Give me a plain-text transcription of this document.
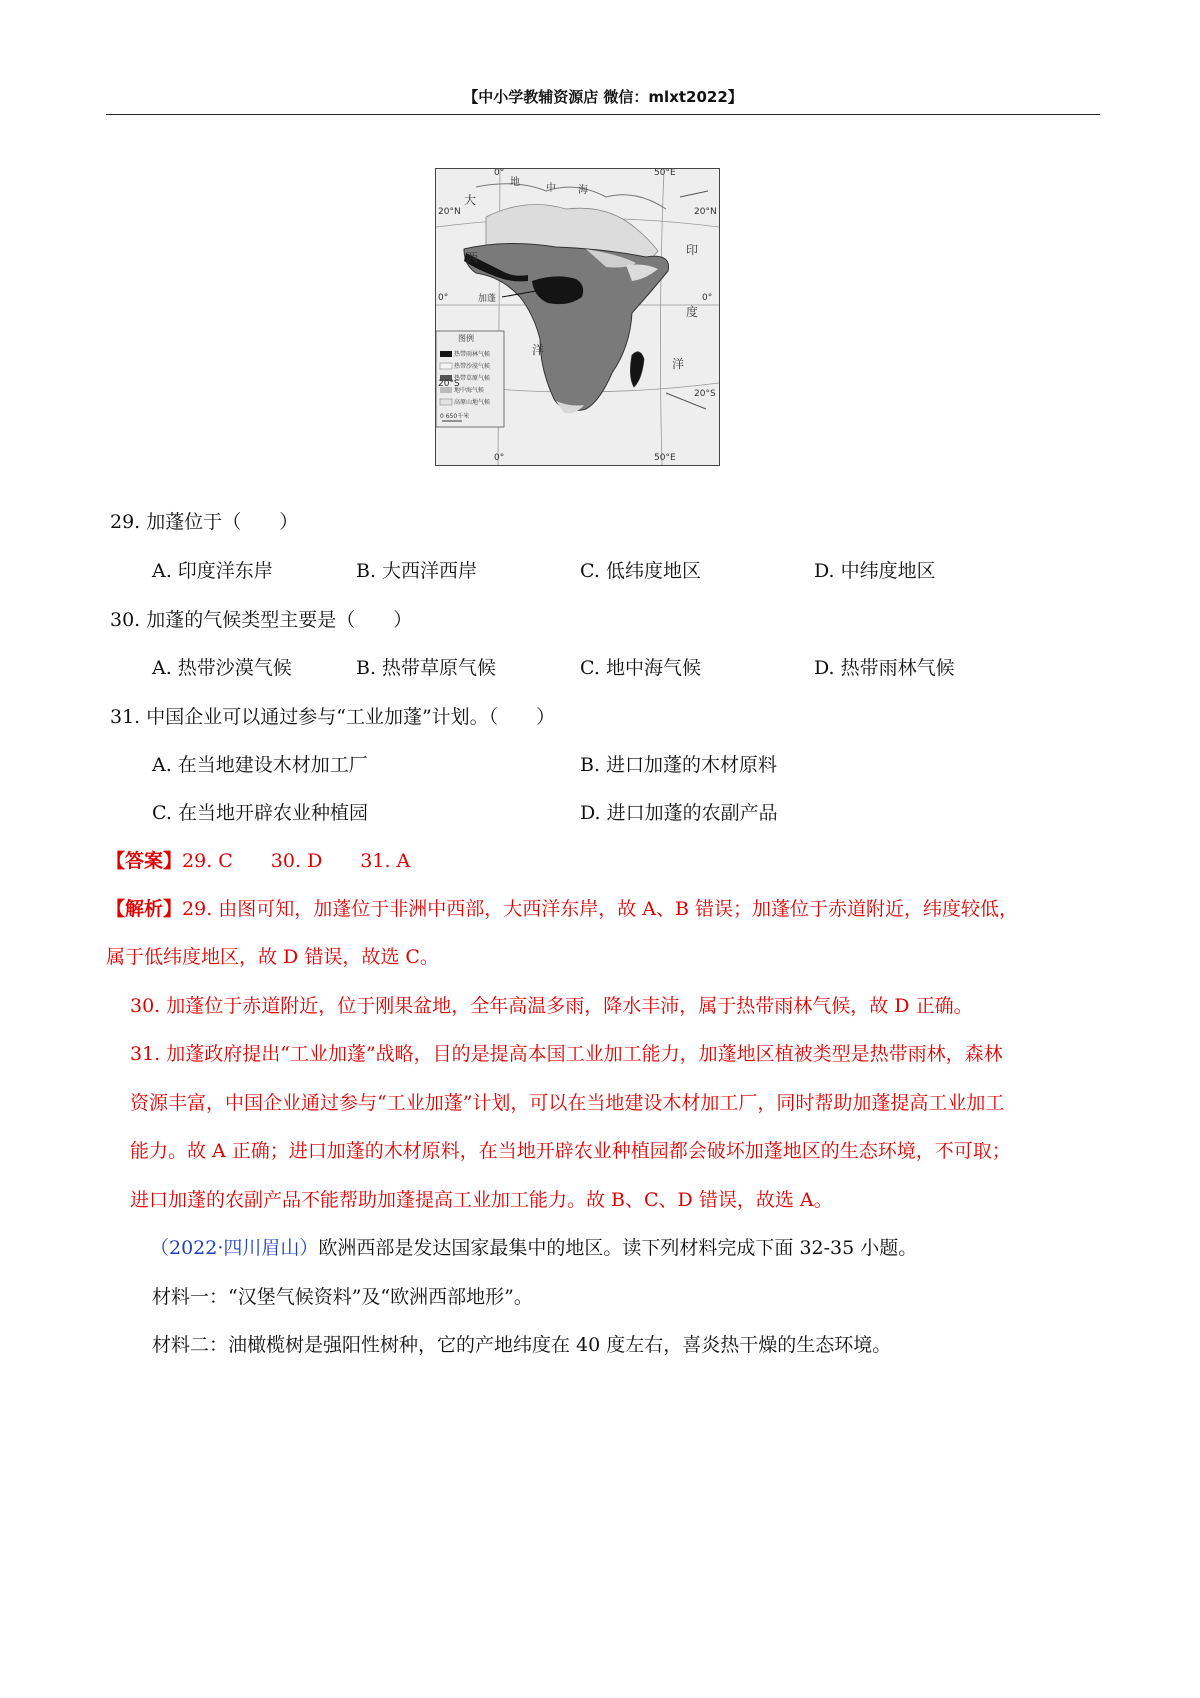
【中小学教辅资源店 微信：mlxt2022】
0°	50°E
0°	50°E
20°N	20°N
0°	0°
20°S
20°S
大
西
洋
印
度
洋
地
中 海
加蓬
图例
热带雨林气候
热带沙漠气候
热带草原气候
地中海气候
高原山地气候
0 650千米
29. 加蓬位于（　　）
A. 印度洋东岸	B. 大西洋西岸	C. 低纬度地区	D. 中纬度地区
30. 加蓬的气候类型主要是（　　）
A. 热带沙漠气候	B. 热带草原气候	C. 地中海气候	D. 热带雨林气候
31. 中国企业可以通过参与“工业加蓬”计划。（　　）
A. 在当地建设木材加工厂	B. 进口加蓬的木材原料
C. 在当地开辟农业种植园	D. 进口加蓬的农副产品
【答案】29. C　　30. D　　31. A
【解析】29. 由图可知，加蓬位于非洲中西部，大西洋东岸，故 A、B 错误；加蓬位于赤道附近，纬度较低，
属于低纬度地区，故 D 错误，故选 C。
30. 加蓬位于赤道附近，位于刚果盆地，全年高温多雨，降水丰沛，属于热带雨林气候，故 D 正确。
31. 加蓬政府提出“工业加蓬”战略，目的是提高本国工业加工能力，加蓬地区植被类型是热带雨林，森林
资源丰富，中国企业通过参与“工业加蓬”计划，可以在当地建设木材加工厂，同时帮助加蓬提高工业加工
能力。故 A 正确；进口加蓬的木材原料，在当地开辟农业种植园都会破坏加蓬地区的生态环境，不可取；
进口加蓬的农副产品不能帮助加蓬提高工业加工能力。故 B、C、D 错误，故选 A。
（2022·四川眉山）欧洲西部是发达国家最集中的地区。读下列材料完成下面 32-35 小题。
材料一：“汉堡气候资料”及“欧洲西部地形”。
材料二：油橄榄树是强阳性树种，它的产地纬度在 40 度左右，喜炎热干燥的生态环境。
